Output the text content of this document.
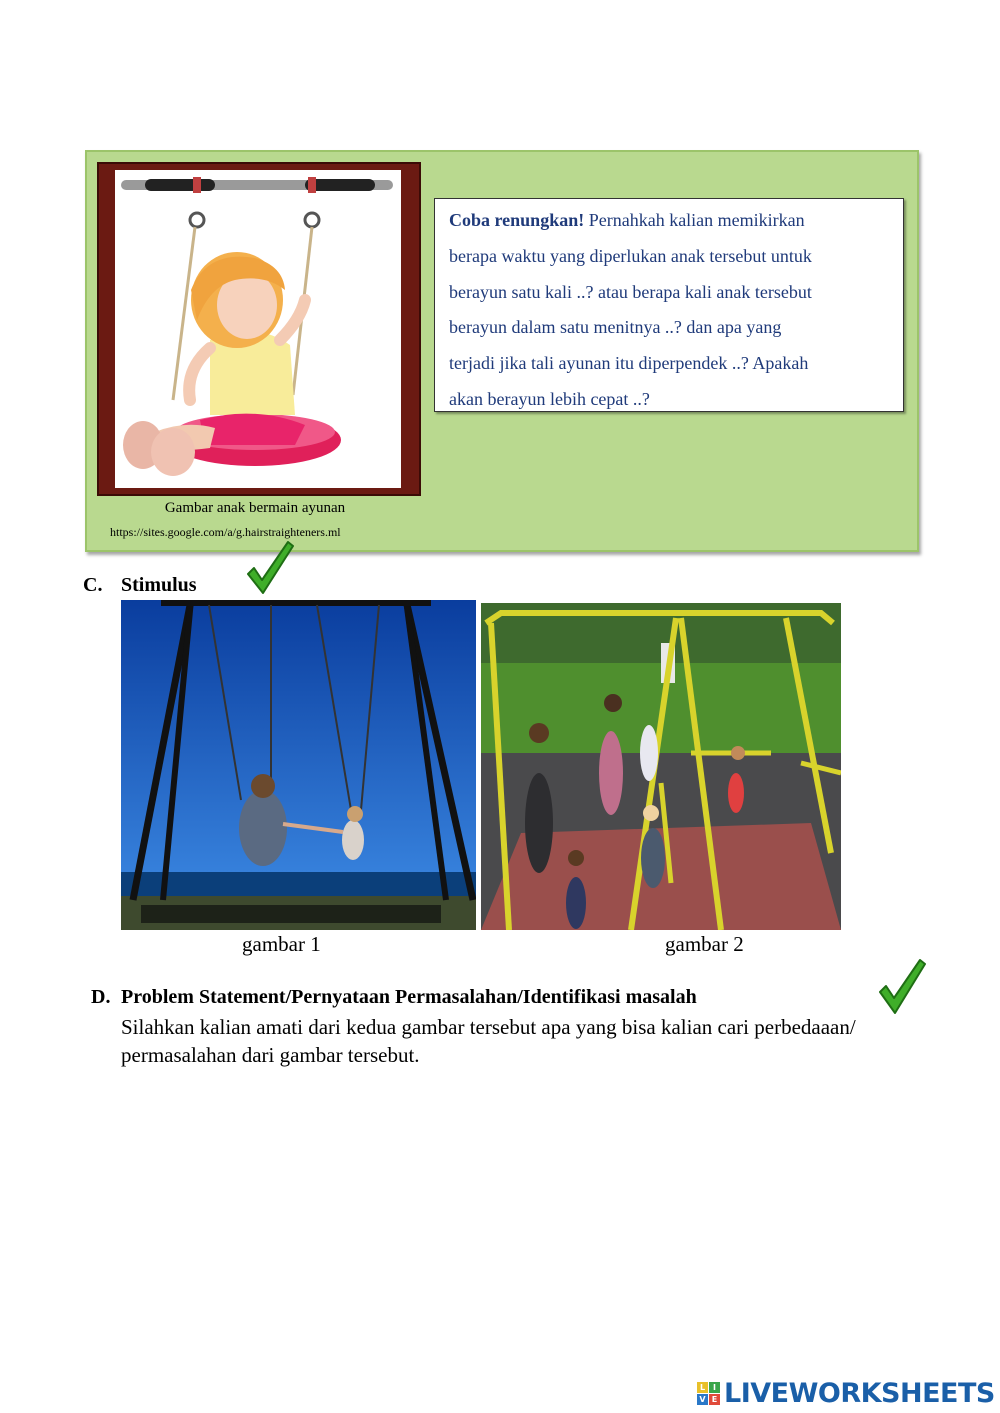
Gambar anak bermain ayunan
https://sites.google.com/a/g.hairstraighteners.ml
Coba renungkan! Pernahkah kalian memikirkan
berapa waktu yang diperlukan anak tersebut untuk
berayun satu kali ..? atau berapa kali anak tersebut
berayun dalam satu menitnya ..? dan apa yang
terjadi jika tali ayunan itu diperpendek ..? Apakah
akan berayun lebih cepat ..?
C. Stimulus
gambar 1	gambar 2
D. Problem Statement/Pernyataan Permasalahan/Identifikasi masalah
Silahkan kalian amati dari kedua gambar tersebut apa yang bisa kalian cari perbedaaan/ permasalahan dari gambar tersebut.
L I
V E LIVEWORKSHEETS
